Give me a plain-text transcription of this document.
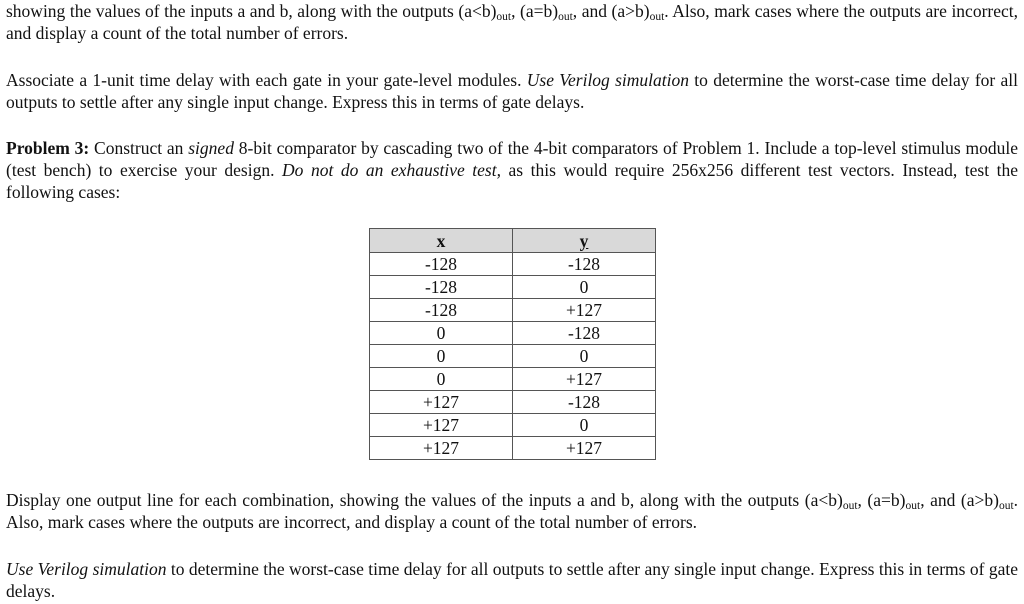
showing the values of the inputs a and b, along with the outputs $(a<b)_{out}$, $(a=b)_{out}$, and $(a>b)_{out}$. Also, mark cases where the outputs are incorrect, and display a count of the total number of errors.

Associate a 1-unit time delay with each gate in your gate-level modules. Use Verilog simulation to determine the worst-case time delay for all outputs to settle after any single input change. Express this in terms of gate delays.

Problem 3: Construct an signed 8-bit comparator by cascading two of the 4-bit comparators of Problem 1. Include a top-level stimulus module (test bench) to exercise your design. Do not do an exhaustive test, as this would require 256x256 different test vectors. Instead, test the following cases:

x	y
-128	-128
-128	0
-128	+127
0	-128
0	0
0	+127
+127	-128
+127	0
+127	+127

Display one output line for each combination, showing the values of the inputs a and b, along with the outputs $(a<b)_{out}$, $(a=b)_{out}$, and $(a>b)_{out}$. Also, mark cases where the outputs are incorrect, and display a count of the total number of errors.

Use Verilog simulation to determine the worst-case time delay for all outputs to settle after any single input change. Express this in terms of gate delays.
